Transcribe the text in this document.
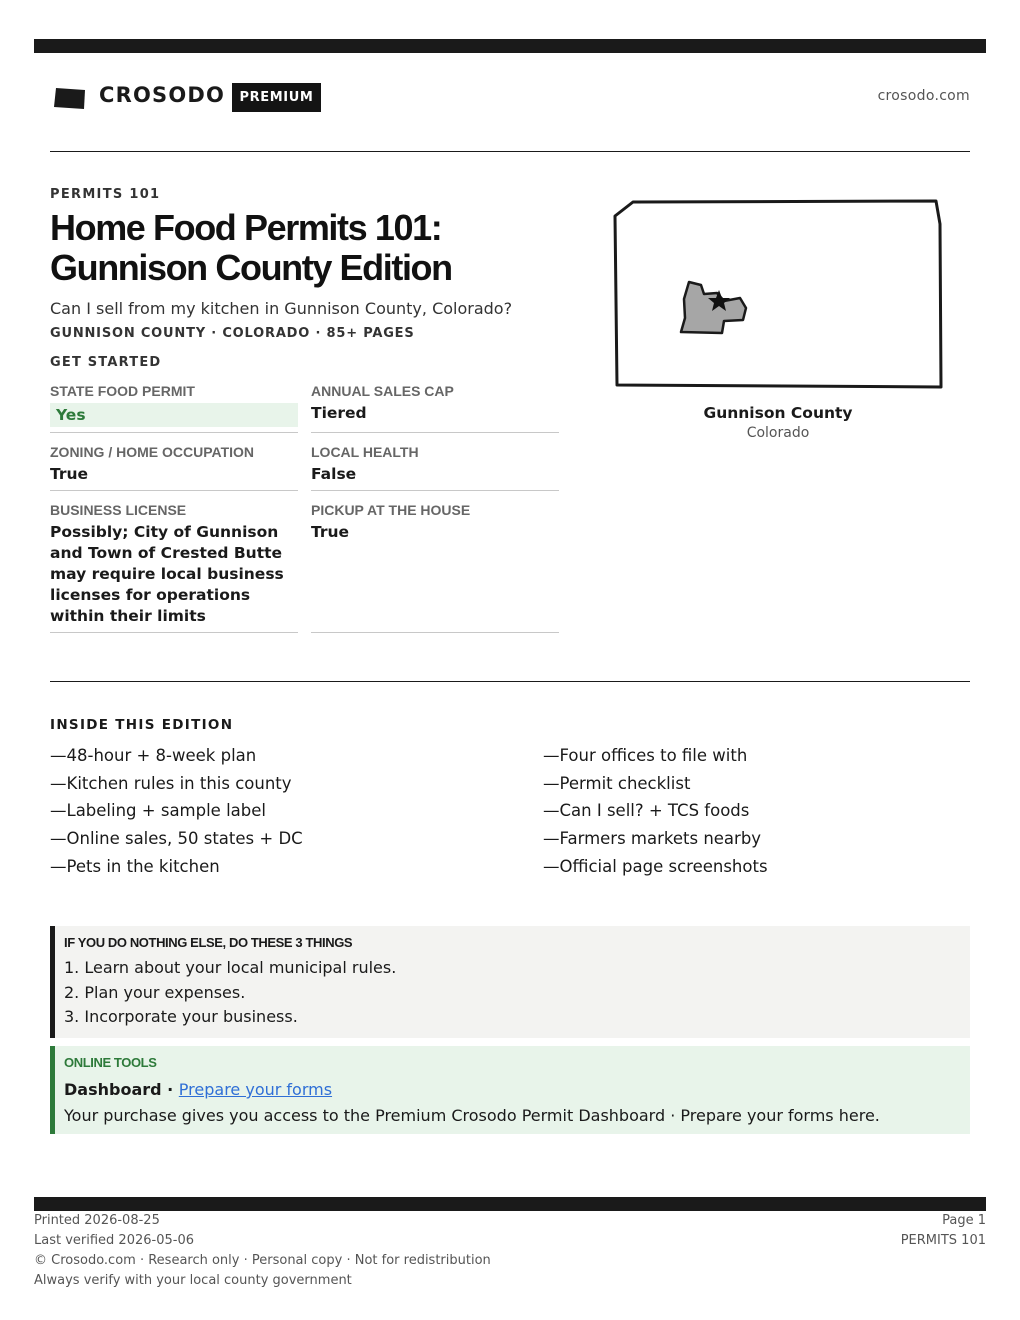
CROSODO	PREMIUM	crosodo.com
PERMITS 101
Home Food Permits 101: Gunnison County Edition
Can I sell from my kitchen in Gunnison County, Colorado?
GUNNISON COUNTY · COLORADO · 85+ PAGES
GET STARTED
STATE FOOD PERMIT
Yes
ANNUAL SALES CAP
Tiered
ZONING / HOME OCCUPATION
True
LOCAL HEALTH
False
BUSINESS LICENSE
Possibly; City of Gunnison and Town of Crested Butte may require local business licenses for operations within their limits
PICKUP AT THE HOUSE
True
Gunnison County
Colorado
INSIDE THIS EDITION
—48-hour + 8-week plan
—Kitchen rules in this county
—Labeling + sample label
—Online sales, 50 states + DC
—Pets in the kitchen
—Four offices to file with
—Permit checklist
—Can I sell? + TCS foods
—Farmers markets nearby
—Official page screenshots
IF YOU DO NOTHING ELSE, DO THESE 3 THINGS
1. Learn about your local municipal rules.
2. Plan your expenses.
3. Incorporate your business.
ONLINE TOOLS
Dashboard · Prepare your forms
Your purchase gives you access to the Premium Crosodo Permit Dashboard · Prepare your forms here.
Printed 2026-08-25
Last verified 2026-05-06
© Crosodo.com · Research only · Personal copy · Not for redistribution
Always verify with your local county government
Page 1
PERMITS 101
